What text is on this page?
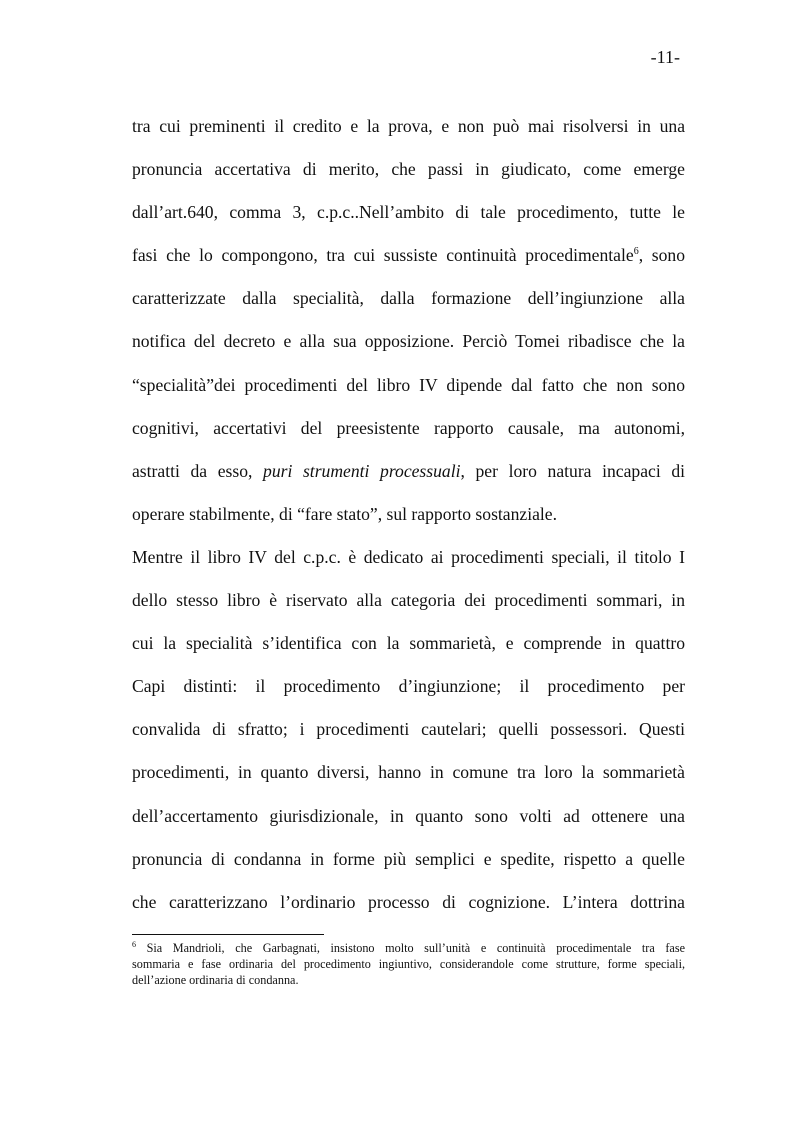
-11-
tra cui preminenti il credito e la prova, e non può mai risolversi in una
pronuncia accertativa di merito, che passi in giudicato, come emerge
dall’art.640, comma 3, c.p.c..Nell’ambito di tale procedimento, tutte le
fasi che lo compongono, tra cui sussiste continuità procedimentale$^6$, sono
caratterizzate dalla specialità, dalla formazione dell’ingiunzione alla
notifica del decreto e alla sua opposizione. Perciò Tomei ribadisce che la
“specialità”dei procedimenti del libro IV dipende dal fatto che non sono
cognitivi, accertativi del preesistente rapporto causale, ma autonomi,
astratti da esso, puri strumenti processuali, per loro natura incapaci di
operare stabilmente, di “fare stato”, sul rapporto sostanziale.
Mentre il libro IV del c.p.c. è dedicato ai procedimenti speciali, il titolo I
dello stesso libro è riservato alla categoria dei procedimenti sommari, in
cui la specialità s’identifica con la sommarietà, e comprende in quattro
Capi distinti: il procedimento d’ingiunzione; il procedimento per
convalida di sfratto; i procedimenti cautelari; quelli possessori. Questi
procedimenti, in quanto diversi, hanno in comune tra loro la sommarietà
dell’accertamento giurisdizionale, in quanto sono volti ad ottenere una
pronuncia di condanna in forme più semplici e spedite, rispetto a quelle
che caratterizzano l’ordinario processo di cognizione. L’intera dottrina
$^6$ Sia Mandrioli, che Garbagnati, insistono molto sull’unità e continuità procedimentale tra fase
sommaria e fase ordinaria del procedimento ingiuntivo, considerandole come strutture, forme speciali,
dell’azione ordinaria di condanna.
